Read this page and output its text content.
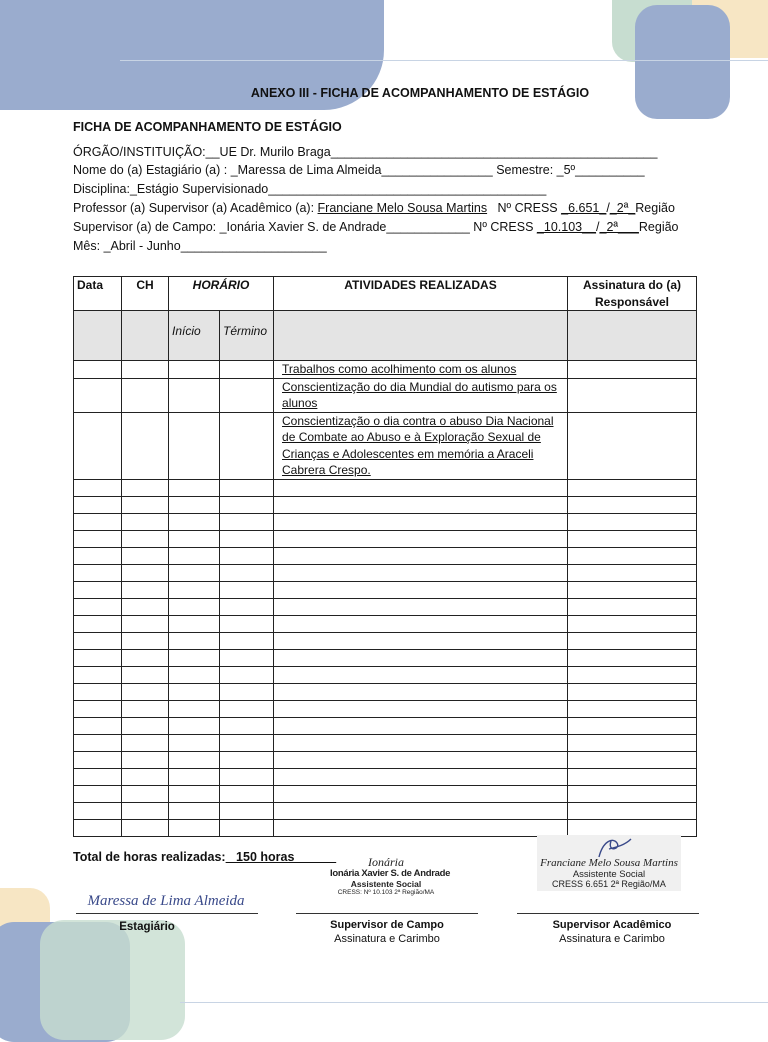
ANEXO III - FICHA DE ACOMPANHAMENTO DE ESTÁGIO
FICHA DE ACOMPANHAMENTO DE ESTÁGIO
ÓRGÃO/INSTITUIÇÃO:__UE Dr. Murilo Braga_______________________________________________
Nome do (a) Estagiário (a) : _Maressa de Lima Almeida________________ Semestre: _5º__________
Disciplina:_Estágio Supervisionado________________________________________
Professor (a) Supervisor (a) Acadêmico (a): Franciane Melo Sousa Martins Nº CRESS _6.651_/_2ª_Região
Supervisor (a) de Campo: _Ionária Xavier S. de Andrade____________ Nº CRESS _10.103__/_2ª___Região
Mês: _Abril - Junho_____________________
Data	CH	HORÁRIO		ATIVIDADES REALIZADAS	Assinatura do (a) Responsável
		Início	Término		
				Trabalhos como acolhimento com os alunos	
				Conscientização do dia Mundial do autismo para os alunos	
				Conscientização o dia contra o abuso Dia Nacional de Combate ao Abuso e à Exploração Sexual de Crianças e Adolescentes em memória a Araceli Cabrera Crespo.	

Total de horas realizadas: _150 horas______
Maressa de Lima Almeida
Estagiário
Ionária
Ionária Xavier S. de Andrade
Assistente Social
CRESS: Nº 10.103 2ª Região/MA
Supervisor de Campo
Assinatura e Carimbo
Franciane Melo Sousa Martins
Assistente Social
CRESS 6.651 2ª Região/MA
Supervisor Acadêmico
Assinatura e Carimbo
